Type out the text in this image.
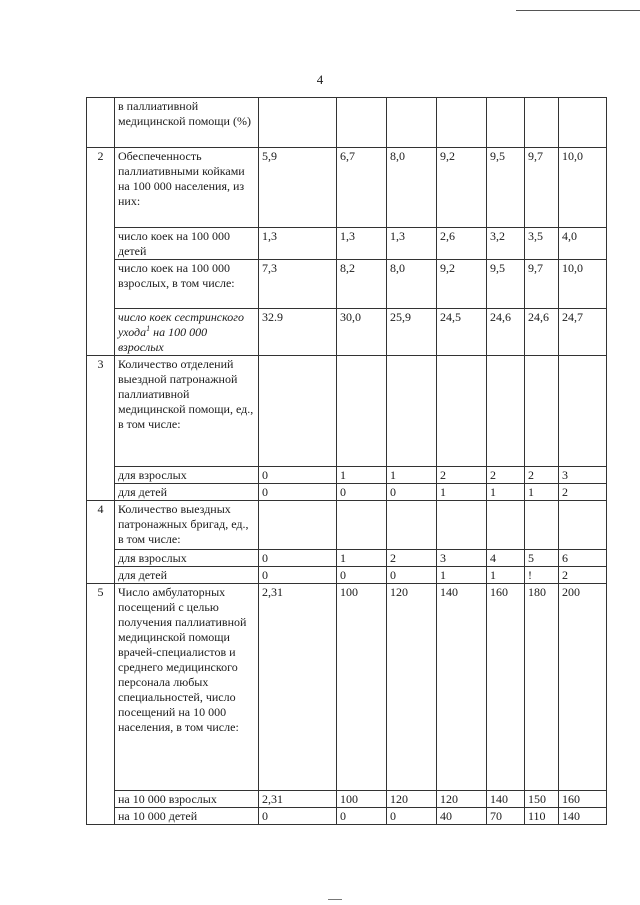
4
	в паллиативной медицинской помощи (%)							
2	Обеспеченность паллиативными койками на 100 000 населения, из них:	5,9	6,7	8,0	9,2	9,5	9,7	10,0
	число коек на 100 000 детей	1,3	1,3	1,3	2,6	3,2	3,5	4,0
	число коек на 100 000 взрослых, в том числе:	7,3	8,2	8,0	9,2	9,5	9,7	10,0
	число коек сестринского ухода$^1$ на 100 000 взрослых	32.9	30,0	25,9	24,5	24,6	24,6	24,7
3	Количество отделений выездной патронажной паллиативной медицинской помощи, ед., в том числе:							
	для взрослых	0	1	1	2	2	2	3
	для детей	0	0	0	1	1	1	2
4	Количество выездных патронажных бригад, ед., в том числе:							
	для взрослых	0	1	2	3	4	5	6
	для детей	0	0	0	1	1	!	2
5	Число амбулаторных посещений с целью получения паллиативной медицинской помощи врачей-специалистов и среднего медицинского персонала любых специальностей, число посещений на 10 000 населения, в том числе:	2,31	100	120	140	160	180	200
	на 10 000 взрослых	2,31	100	120	120	140	150	160
	на 10 000 детей	0	0	0	40	70	110	140
